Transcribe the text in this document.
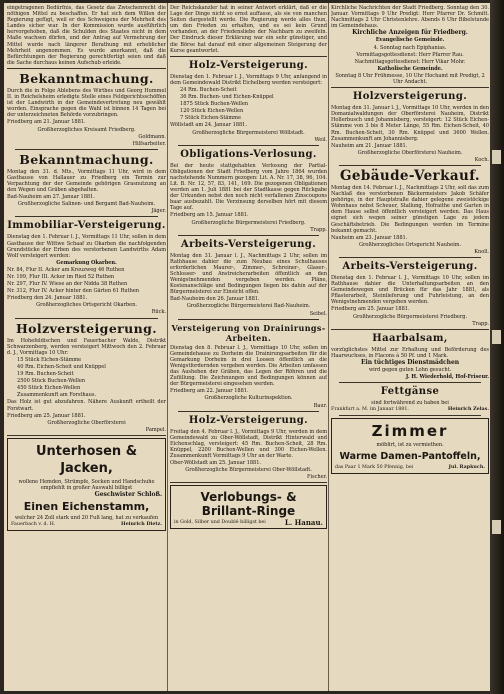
eingetragenen Bedürfnis, das Gesetz das Zwischenrecht die nöthigen Mittel zu beschaffen. Er hat sich dem Willen der Regierung gefügt, weil er des Schweigens der Mehrheit des Landes sicher war. In der Kommission wurde ausführlich hervorgehoben, daß die Schulden des Staates nicht in dem Maße wachsen dürfen, und der Antrag auf Vermehrung der Mittel wurde nach längerer Berathung mit erheblicher Mehrheit angenommen. Es wurde anerkannt, daß die Befürchtungen der Regierung gerechtfertigt seien und daß die Sache durchaus keinen Aufschub erleide.

Bekanntmachung.

Durch die in Folge Ablebens des Wirthes und Georg Hummel II. in Reichelsheim erledigte Stelle eines Feldgerichtsschöffen ist der Landwirth in der Gemeindevertretung neu gewählt worden. Einsprache gegen die Wahl ist binnen 14 Tagen bei der unterzeichneten Behörde vorzubringen.

Friedberg am 21. Januar 1881.

Großherzogliches Kreisamt Friedberg.

Goldmann.

Hilfsarbeiter.

Bekanntmachung.

Montag den 31. d. Mts., Vormittags 11 Uhr, wird in dem Gasthause von Hallauer zu Friedberg ein Termin zur Verpachtung der der Gemeinde gehörigen Grasnutzung an den Wegen und Gräben abgehalten.

Bad-Nauheim am 27. Januar 1881.

Großherzogliche Salinen- und Bergamt Bad-Nauheim.

Jäger.

Immobiliar-Versteigerung.

Dienstag den 1. Februar l. J., Vormittags 11 Uhr, sollen in dem Gasthause der Wittwe Schaaf zu Okarben die nachfolgenden Grundstücke der Erben des verstorbenen Landwirths Adam Wolf versteigert werden:

Gemarkung Okarben.

Nr. 84, Flur II. Acker am Kreuzweg 46 Ruthen

Nr. 199, Flur III. Acker im Ried 52 Ruthen

Nr. 297, Flur IV. Wiese an der Nidda 38 Ruthen

Nr. 312, Flur IV. Acker hinter den Gärten 61 Ruthen

Friedberg den 24. Januar 1881.

Großherzogliches Ortsgericht Okarben.

Rück.

Holzversteigerung.

Im Hohefeldischen und Fauerbacher Walde, Distrikt Schwarzenberg, werden versteigert Mittwoch den 2. Februar d. J., Vormittags 10 Uhr:

15 Stück Eichen-Stämme

40 Rm. Eichen-Scheit und Knüppel

19 Rm. Buchen-Scheit

2500 Stück Buchen-Wellen

450 Stück Eichen-Wellen

Zusammenkunft am Forsthaus.

Das Holz ist gut abzufahren. Nähere Auskunft ertheilt der Forstwart.

Friedberg am 25. Januar 1881.

Großherzogliche Oberförsterei

Pampel.

Unterhosen & Jacken,

wollene Hemden, Strümpfe, Socken und Handschuhe empfiehlt in großer Auswahl billigst

Geschwister Schloß.

Einen Eichenstamm,

welcher 24 Zoll stark und 20 Fuß lang, hat zu verkaufen

Fauerbach v. d. H.	Heinrich Dietz.

Der Reichskanzler hat in seiner Antwort erklärt, daß er die Lage der Dinge nicht so ernst auffasse, als sie von manchen Seiten dargestellt werde. Die Regierung werde alles thun, um den Frieden zu erhalten, und es sei kein Grund vorhanden, an der Friedensliebe der Nachbarn zu zweifeln. Der Eindruck dieser Erklärung war ein sehr günstiger, und die Börse hat darauf mit einer allgemeinen Steigerung der Kurse geantwortet.

Holz-Versteigerung.

Dienstag den 1. Februar l. J., Vormittags 9 Uhr, anfangend in dem Gemeindewald Distrikt Eichelberg werden versteigert:

24 Rm. Buchen-Scheit

36 Rm. Buchen- und Eichen-Knüppel

1875 Stück Buchen-Wellen

120 Stück Eichen-Wellen

7 Stück Eichen-Stämme

Wöllstadt am 24. Januar 1881.

Großherzogliche Bürgermeisterei Wöllstadt.

Weil.

Obligations-Verlosung.

Bei der heute stattgehabten Verlosung der Partial-Obligationen der Stadt Friedberg vom Jahre 1864 wurden nachstehende Nummern gezogen: Lit. A. Nr. 17, 38, 96, 104. Lit. B. Nr. 12, 57, 83, 141, 169. Die gezogenen Obligationen werden am 1. Juli 1881 bei der Stadtkasse gegen Rückgabe der Urkunden nebst den noch nicht verfallenen Zinscoupons baar ausbezahlt. Die Verzinsung derselben hört mit diesem Tage auf.

Friedberg am 15. Januar 1881.

Großherzogliche Bürgermeisterei Friedberg.

Trapp.

Arbeits-Versteigerung.

Montag den 31. Januar l. J., Nachmittags 2 Uhr, sollen im Rathhause dahier die zum Neubau eines Schulhauses erforderlichen Maurer-, Zimmer-, Schreiner-, Glaser-, Schlosser- und Anstreicherarbeiten öffentlich an den Wenigstnehmenden vergeben werden. Pläne, Kostenanschläge und Bedingungen liegen bis dahin auf der Bürgermeisterei zur Einsicht offen.

Bad-Nauheim den 26. Januar 1881.

Großherzogliche Bürgermeisterei Bad-Nauheim.

Seibel.

Versteigerung von Drainirungs-Arbeiten.

Dienstag den 8. Februar l. J., Vormittags 10 Uhr, sollen im Gemeindehause zu Dorheim die Drainirungsarbeiten für die Gemarkung Dorheim in drei Loosen öffentlich an die Wenigstfordernden vergeben werden. Die Arbeiten umfassen das Ausheben der Gräben, das Legen der Röhren und die Zufüllung. Die Zeichnungen und Bedingungen können auf der Bürgermeisterei eingesehen werden.

Friedberg am 22. Januar 1881.

Großherzogliche Kulturinspektion.

Baur.

Holz-Versteigerung.

Freitag den 4. Februar l. J., Vormittags 9 Uhr, werden in dem Gemeindewald zu Ober-Wöllstadt, Distrikt Hinterwald und Eichenschlag, versteigert: 45 Rm. Buchen-Scheit, 28 Rm. Knüppel, 2200 Buchen-Wellen und 300 Eichen-Wellen. Zusammenkunft Vormittags 9 Uhr an der Warte.

Ober-Wöllstadt am 25. Januar 1881.

Großherzogliche Bürgermeisterei Ober-Wöllstadt.

Fischer.

Verlobungs- & Brillant-Ringe
in Gold, Silber und Doublé billigst bei	L. Hanau.

Kirchliche Nachrichten der Stadt Friedberg. Sonntag den 30. Januar. Vormittags 9 Uhr Predigt: Herr Pfarrer Dr. Schmitt. Nachmittags 2 Uhr Christenlehre. Abends 6 Uhr Bibelstunde im Gemeindehaus.

Kirchliche Anzeigen für Friedberg.

Evangelische Gemeinde.

4. Sonntag nach Epiphanias.

Vormittagsgottesdienst: Herr Pfarrer Rau.

Nachmittagsgottesdienst: Herr Vikar Mohr.

Katholische Gemeinde.

Sonntag 8 Uhr Frühmesse, 10 Uhr Hochamt mit Predigt, 2 Uhr Andacht.

Holzversteigerung.

Montag den 31. Januar l. J., Vormittags 10 Uhr, werden in den Domanialwaldungen der Oberförsterei Nauheim, Distrikt Hollerbusch und Johannisberg, versteigert: 12 Stück Eichen-Stämme von 3 bis 8 Meter Länge, 55 Rm. Eichen-Scheit, 40 Rm. Buchen-Scheit, 30 Rm. Knüppel und 3600 Wellen. Zusammenkunft am Johannisberg.

Nauheim am 21. Januar 1881.

Großherzogliche Oberförsterei Nauheim.

Koch.

Gebäude-Verkauf.

Montag den 14. Februar l. J., Nachmittags 2 Uhr, soll das zum Nachlaß des verstorbenen Bäckermeisters Jakob Schäfer gehörige, in der Hauptstraße dahier gelegene zweistöckige Wohnhaus nebst Scheuer, Stallung, Hofraithe und Garten in dem Hause selbst öffentlich versteigert werden. Das Haus eignet sich wegen seiner günstigen Lage zu jedem Geschäftsbetrieb. Die Bedingungen werden im Termine bekannt gemacht.

Nauheim am 23. Januar 1881.

Großherzogliches Ortsgericht Nauheim.

Knoll.

Arbeits-Versteigerung.

Dienstag den 1. Februar l. J., Vormittags 10 Uhr, sollen im Rathhause dahier die Unterhaltungsarbeiten an den Gemeindewegen und Brücken für das Jahr 1881, als Pflasterarbeit, Steinlieferung und Fuhrleistung, an den Wenigstnehmenden vergeben werden.

Friedberg am 25. Januar 1881.

Großherzogliche Bürgermeisterei Friedberg.

Trapp.

Haarbalsam,

vorzüglichstes Mittel zur Erhaltung und Beförderung des Haarwuchses, in Flacons à 50 Pf. und 1 Mark.

Ein tüchtiges Dienstmädchen

wird gegen guten Lohn gesucht.

J. H. Wiederhold, Hof-Friseur.

Fettgänse

sind fortwährend zu haben bei

Frankfurt a. M. im Januar 1881.	Heinrich Zelas.
Zimmer

möblirt, ist zu vermiethen.

Warme Damen-Pantoffeln,
das Paar 1 Mark 50 Pfennig, bei	Jul. Rapkuch.
